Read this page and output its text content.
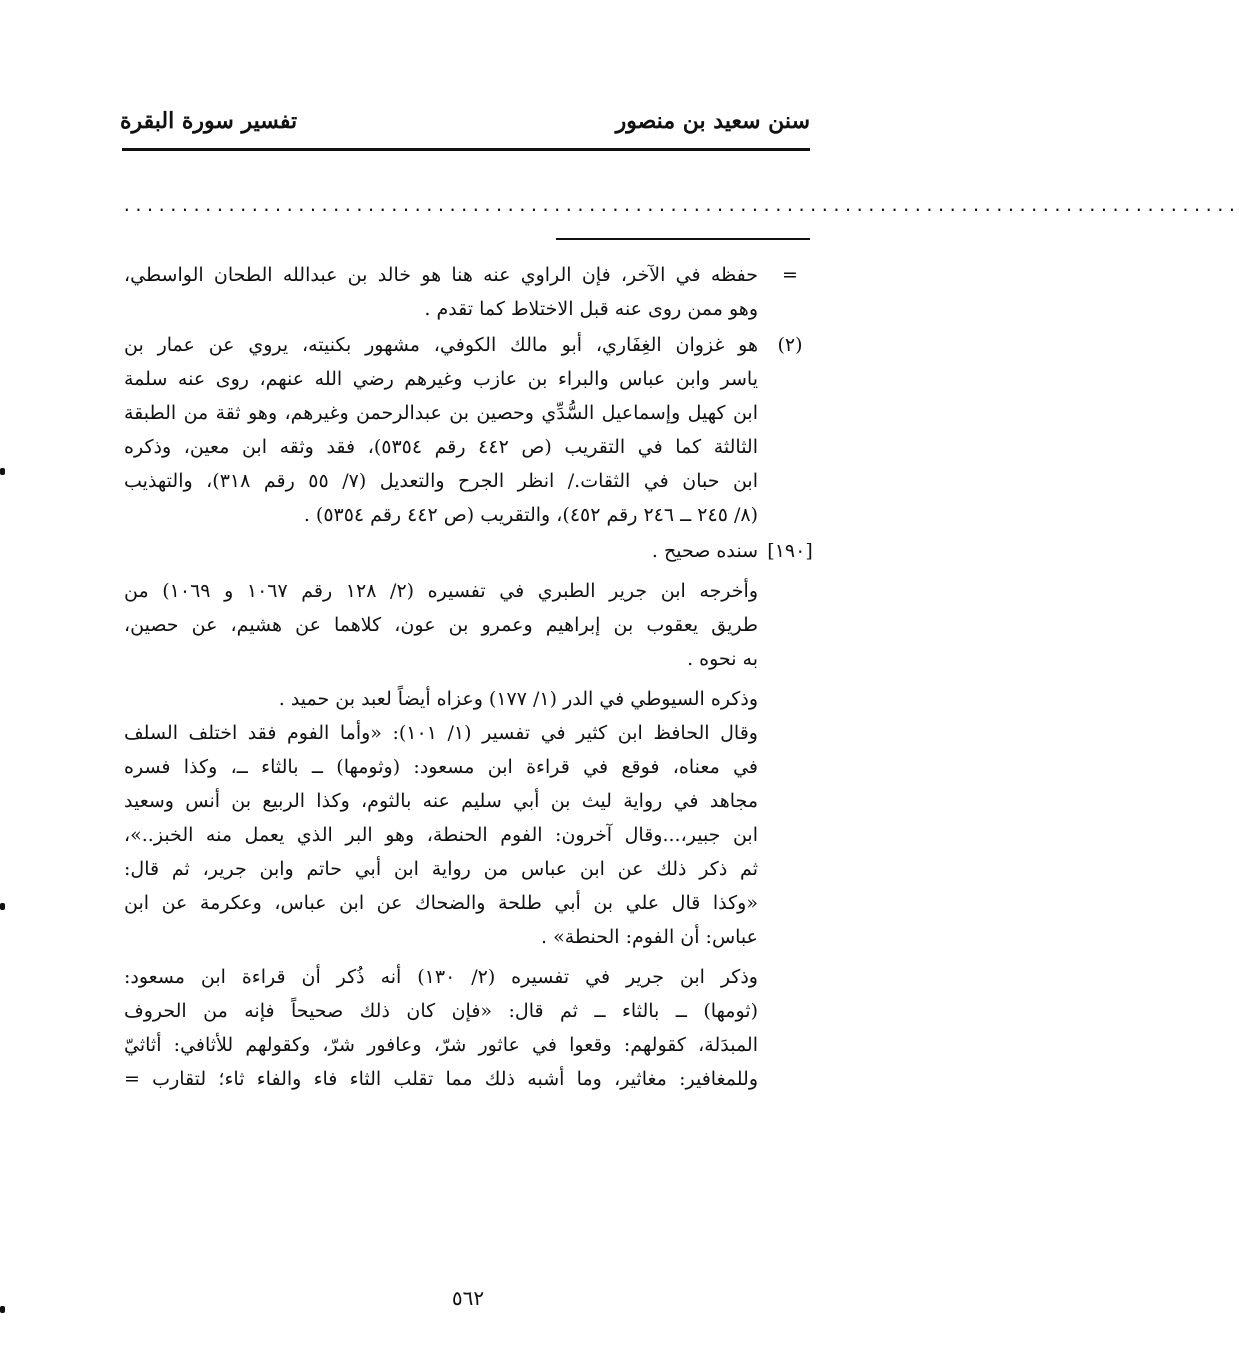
سنن سعيد بن منصور
تفسير سورة البقرة
................................................................................................
=
حفظه في الآخر، فإن الراوي عنه هنا هو خالد بن عبدالله الطحان الواسطي،
وهو ممن روى عنه قبل الاختلاط كما تقدم .
(٢)
هو غزوان الغِفَاري، أبو مالك الكوفي، مشهور بكنيته، يروي عن عمار بن
ياسر وابن عباس والبراء بن عازب وغيرهم رضي الله عنهم، روى عنه سلمة
ابن كهيل وإسماعيل السُّدِّي وحصين بن عبدالرحمن وغيرهم، وهو ثقة من الطبقة
الثالثة كما في التقريب (ص ٤٤٢ رقم ٥٣٥٤)، فقد وثقه ابن معين، وذكره
ابن حبان في الثقات./ انظر الجرح والتعديل (٧/ ٥٥ رقم ٣١٨)، والتهذيب
(٨/ ٢٤٥ ــ ٢٤٦ رقم ٤٥٢)، والتقريب (ص ٤٤٢ رقم ٥٣٥٤) .
[١٩٠]
سنده صحيح .
وأخرجه ابن جرير الطبري في تفسيره (٢/ ١٢٨ رقم ١٠٦٧ و ١٠٦٩) من
طريق يعقوب بن إبراهيم وعمرو بن عون، كلاهما عن هشيم، عن حصين،
به نحوه .
وذكره السيوطي في الدر (١/ ١٧٧) وعزاه أيضاً لعبد بن حميد .
وقال الحافظ ابن كثير في تفسير (١/ ١٠١): «وأما الفوم فقد اختلف السلف
في معناه، فوقع في قراءة ابن مسعود: (وثومها) ــ بالثاء ــ، وكذا فسره
مجاهد في رواية ليث بن أبي سليم عنه بالثوم، وكذا الربيع بن أنس وسعيد
ابن جبير،...وقال آخرون: الفوم الحنطة، وهو البر الذي يعمل منه الخبز..»،
ثم ذكر ذلك عن ابن عباس من رواية ابن أبي حاتم وابن جرير، ثم قال:
«وكذا قال علي بن أبي طلحة والضحاك عن ابن عباس، وعكرمة عن ابن
عباس: أن الفوم: الحنطة» .
وذكر ابن جرير في تفسيره (٢/ ١٣٠) أنه ذُكر أن قراءة ابن مسعود:
(ثومها) ــ بالثاء ــ ثم قال: «فإن كان ذلك صحيحاً فإنه من الحروف
المبدَلة، كقولهم: وقعوا في عاثور شرّ، وعافور شرّ، وكقولهم للأثافي: أثاثيّ
وللمغافير: مغاثير، وما أشبه ذلك مما تقلب الثاء فاء والفاء ثاء؛ لتقارب =
٥٦٢
